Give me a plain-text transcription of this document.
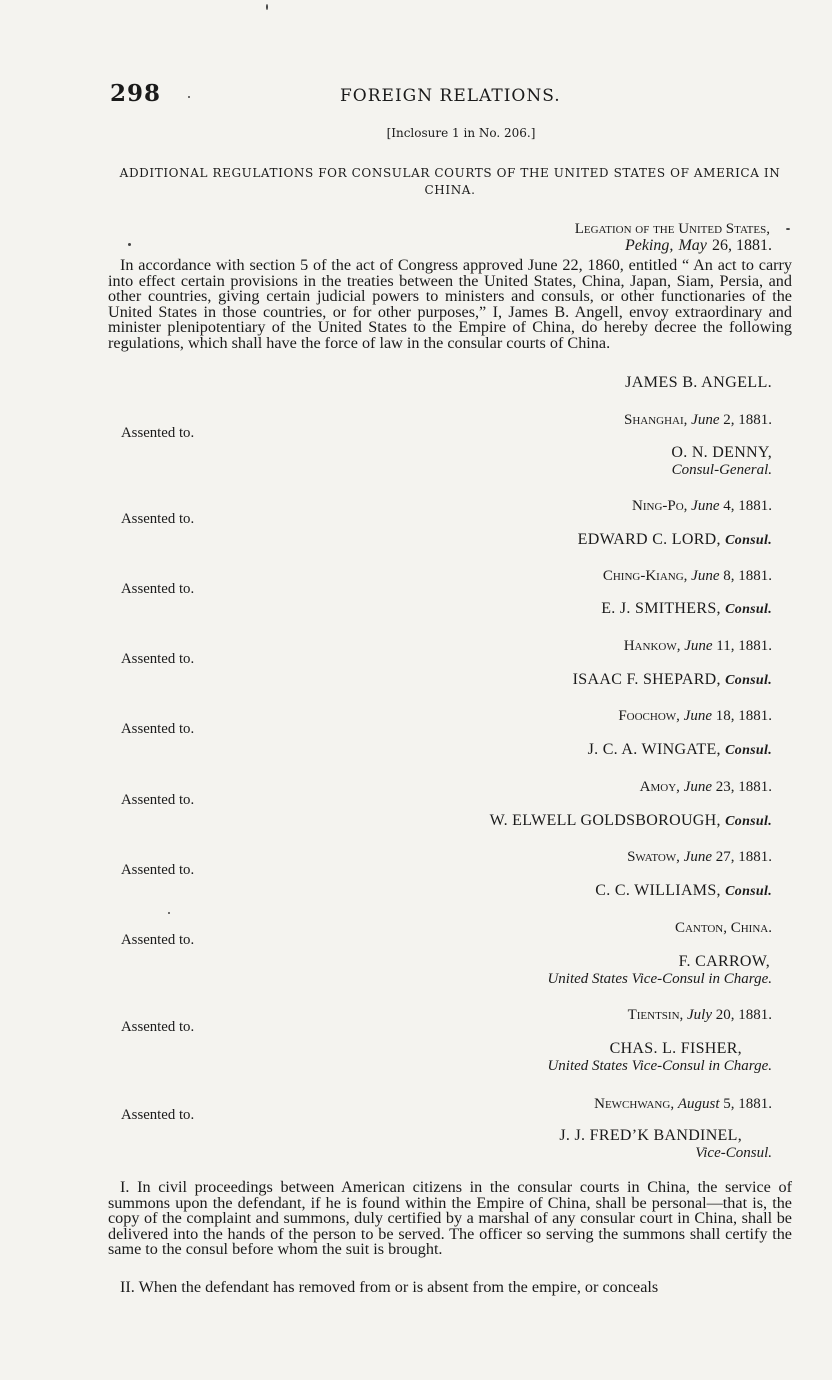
298	FOREIGN RELATIONS.
[Inclosure 1 in No. 206.]
ADDITIONAL REGULATIONS FOR CONSULAR COURTS OF THE UNITED STATES OF AMERICA IN CHINA.
Legation of the United States,
Peking, May 26, 1881.
In accordance with section 5 of the act of Congress approved June 22, 1860, entitled “ An act to carry into effect certain provisions in the treaties between the United States, China, Japan, Siam, Persia, and other countries, giving certain judicial powers to ministers and consuls, or other functionaries of the United States in those countries, or for other purposes,” I, James B. Angell, envoy extraordinary and minister plenipotentiary of the United States to the Empire of China, do hereby decree the following regulations, which shall have the force of law in the consular courts of China.
JAMES B. ANGELL.
Shanghai, June 2, 1881.
Assented to.
O. N. DENNY,
Consul-General.
Ning-Po, June 4, 1881.
Assented to.
EDWARD C. LORD, Consul.
Ching-Kiang, June 8, 1881.
Assented to.
E. J. SMITHERS, Consul.
Hankow, June 11, 1881.
Assented to.
ISAAC F. SHEPARD, Consul.
Foochow, June 18, 1881.
Assented to.
J. C. A. WINGATE, Consul.
Amoy, June 23, 1881.
Assented to.
W. ELWELL GOLDSBOROUGH, Consul.
Swatow, June 27, 1881.
Assented to.
C. C. WILLIAMS, Consul.
Canton, China.
Assented to.
F. CARROW,
United States Vice-Consul in Charge.
Tientsin, July 20, 1881.
Assented to.
CHAS. L. FISHER,
United States Vice-Consul in Charge.
Newchwang, August 5, 1881.
Assented to.
J. J. FRED’K BANDINEL,
Vice-Consul.
I. In civil proceedings between American citizens in the consular courts in China, the service of summons upon the defendant, if he is found within the Empire of China, shall be personal—that is, the copy of the complaint and summons, duly certified by a marshal of any consular court in China, shall be delivered into the hands of the person to be served. The officer so serving the summons shall certify the same to the consul before whom the suit is brought.
II. When the defendant has removed from or is absent from the empire, or conceals
